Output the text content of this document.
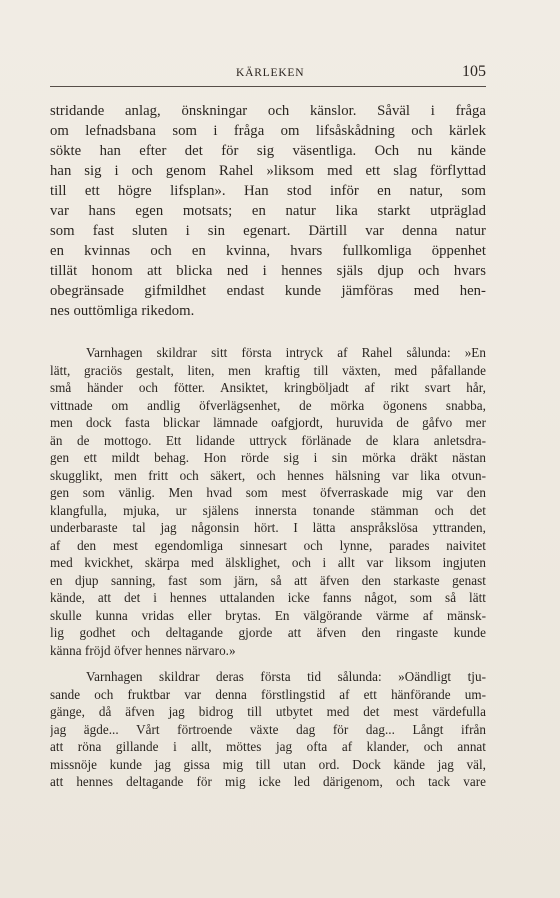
KÄRLEKEN	105
stridande anlag, önskningar och känslor. Såväl i fråga
om lefnadsbana som i fråga om lifsåskådning och kärlek
sökte han efter det för sig väsentliga. Och nu kände
han sig i och genom Rahel »liksom med ett slag förflyttad
till ett högre lifsplan». Han stod inför en natur, som
var hans egen motsats; en natur lika starkt utpräglad
som fast sluten i sin egenart. Därtill var denna natur
en kvinnas och en kvinna, hvars fullkomliga öppenhet
tillät honom att blicka ned i hennes själs djup och hvars
obegränsade gifmildhet endast kunde jämföras med hen-
nes outtömliga rikedom.
Varnhagen skildrar sitt första intryck af Rahel sålunda: »En
lätt, graciös gestalt, liten, men kraftig till växten, med påfallande
små händer och fötter. Ansiktet, kringböljadt af rikt svart hår,
vittnade om andlig öfverlägsenhet, de mörka ögonens snabba,
men dock fasta blickar lämnade oafgjordt, huruvida de gåfvo mer
än de mottogo. Ett lidande uttryck förlänade de klara anletsdra-
gen ett mildt behag. Hon rörde sig i sin mörka dräkt nästan
skugglikt, men fritt och säkert, och hennes hälsning var lika otvun-
gen som vänlig. Men hvad som mest öfverraskade mig var den
klangfulla, mjuka, ur själens innersta tonande stämman och det
underbaraste tal jag någonsin hört. I lätta anspråkslösa yttranden,
af den mest egendomliga sinnesart och lynne, parades naivitet
med kvickhet, skärpa med älsklighet, och i allt var liksom ingjuten
en djup sanning, fast som järn, så att äfven den starkaste genast
kände, att det i hennes uttalanden icke fanns något, som så lätt
skulle kunna vridas eller brytas. En välgörande värme af mänsk-
lig godhet och deltagande gjorde att äfven den ringaste kunde
känna fröjd öfver hennes närvaro.»
Varnhagen skildrar deras första tid sålunda: »Oändligt tju-
sande och fruktbar var denna förstlingstid af ett hänförande um-
gänge, då äfven jag bidrog till utbytet med det mest värdefulla
jag ägde... Vårt förtroende växte dag för dag... Långt ifrån
att röna gillande i allt, möttes jag ofta af klander, och annat
missnöje kunde jag gissa mig till utan ord. Dock kände jag väl,
att hennes deltagande för mig icke led därigenom, och tack vare
